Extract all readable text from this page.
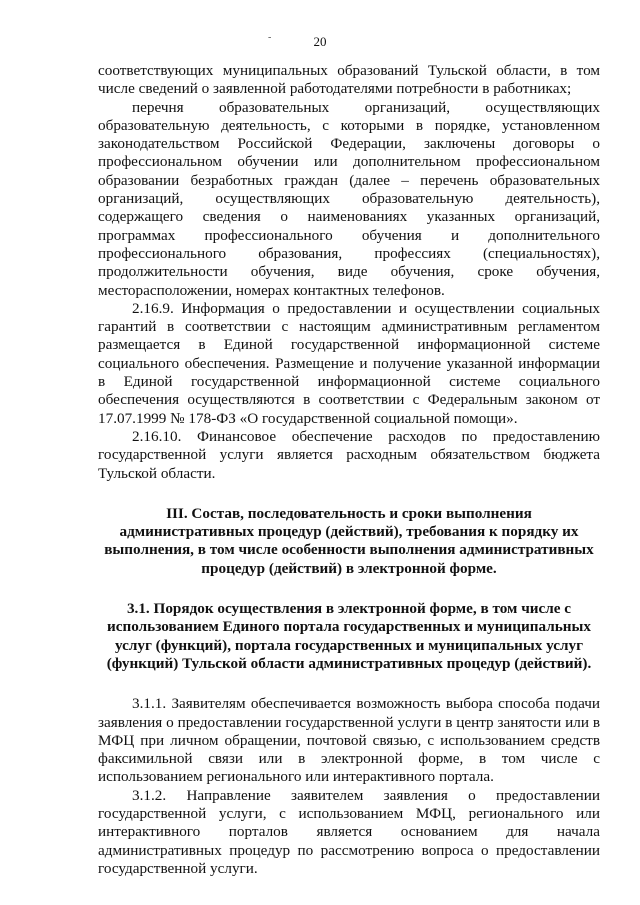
-	20

соответствующих муниципальных образований Тульской области, в том числе сведений о заявленной работодателями потребности в работниках;

перечня образовательных организаций, осуществляющих образовательную деятельность, с которыми в порядке, установленном законодательством Российской Федерации, заключены договоры о профессиональном обучении или дополнительном профессиональном образовании безработных граждан (далее – перечень образовательных организаций, осуществляющих образовательную деятельность), содержащего сведения о наименованиях указанных организаций, программах профессионального обучения и дополнительного профессионального образования, профессиях (специальностях), продолжительности обучения, виде обучения, сроке обучения, месторасположении, номерах контактных телефонов.

2.16.9. Информация о предоставлении и осуществлении социальных гарантий в соответствии с настоящим административным регламентом размещается в Единой государственной информационной системе социального обеспечения. Размещение и получение указанной информации в Единой государственной информационной системе социального обеспечения осуществляются в соответствии с Федеральным законом от 17.07.1999 № 178-ФЗ «О государственной социальной помощи».

2.16.10. Финансовое обеспечение расходов по предоставлению государственной услуги является расходным обязательством бюджета Тульской области.

III. Состав, последовательность и сроки выполнения административных процедур (действий), требования к порядку их выполнения, в том числе особенности выполнения административных процедур (действий) в электронной форме.

3.1. Порядок осуществления в электронной форме, в том числе с использованием Единого портала государственных и муниципальных услуг (функций), портала государственных и муниципальных услуг (функций) Тульской области административных процедур (действий).

3.1.1. Заявителям обеспечивается возможность выбора способа подачи заявления о предоставлении государственной услуги в центр занятости или в МФЦ при личном обращении, почтовой связью, с использованием средств факсимильной связи или в электронной форме, в том числе с использованием регионального или интерактивного портала.

3.1.2. Направление заявителем заявления о предоставлении государственной услуги, с использованием МФЦ, регионального или интерактивного порталов является основанием для начала административных процедур по рассмотрению вопроса о предоставлении государственной услуги.
